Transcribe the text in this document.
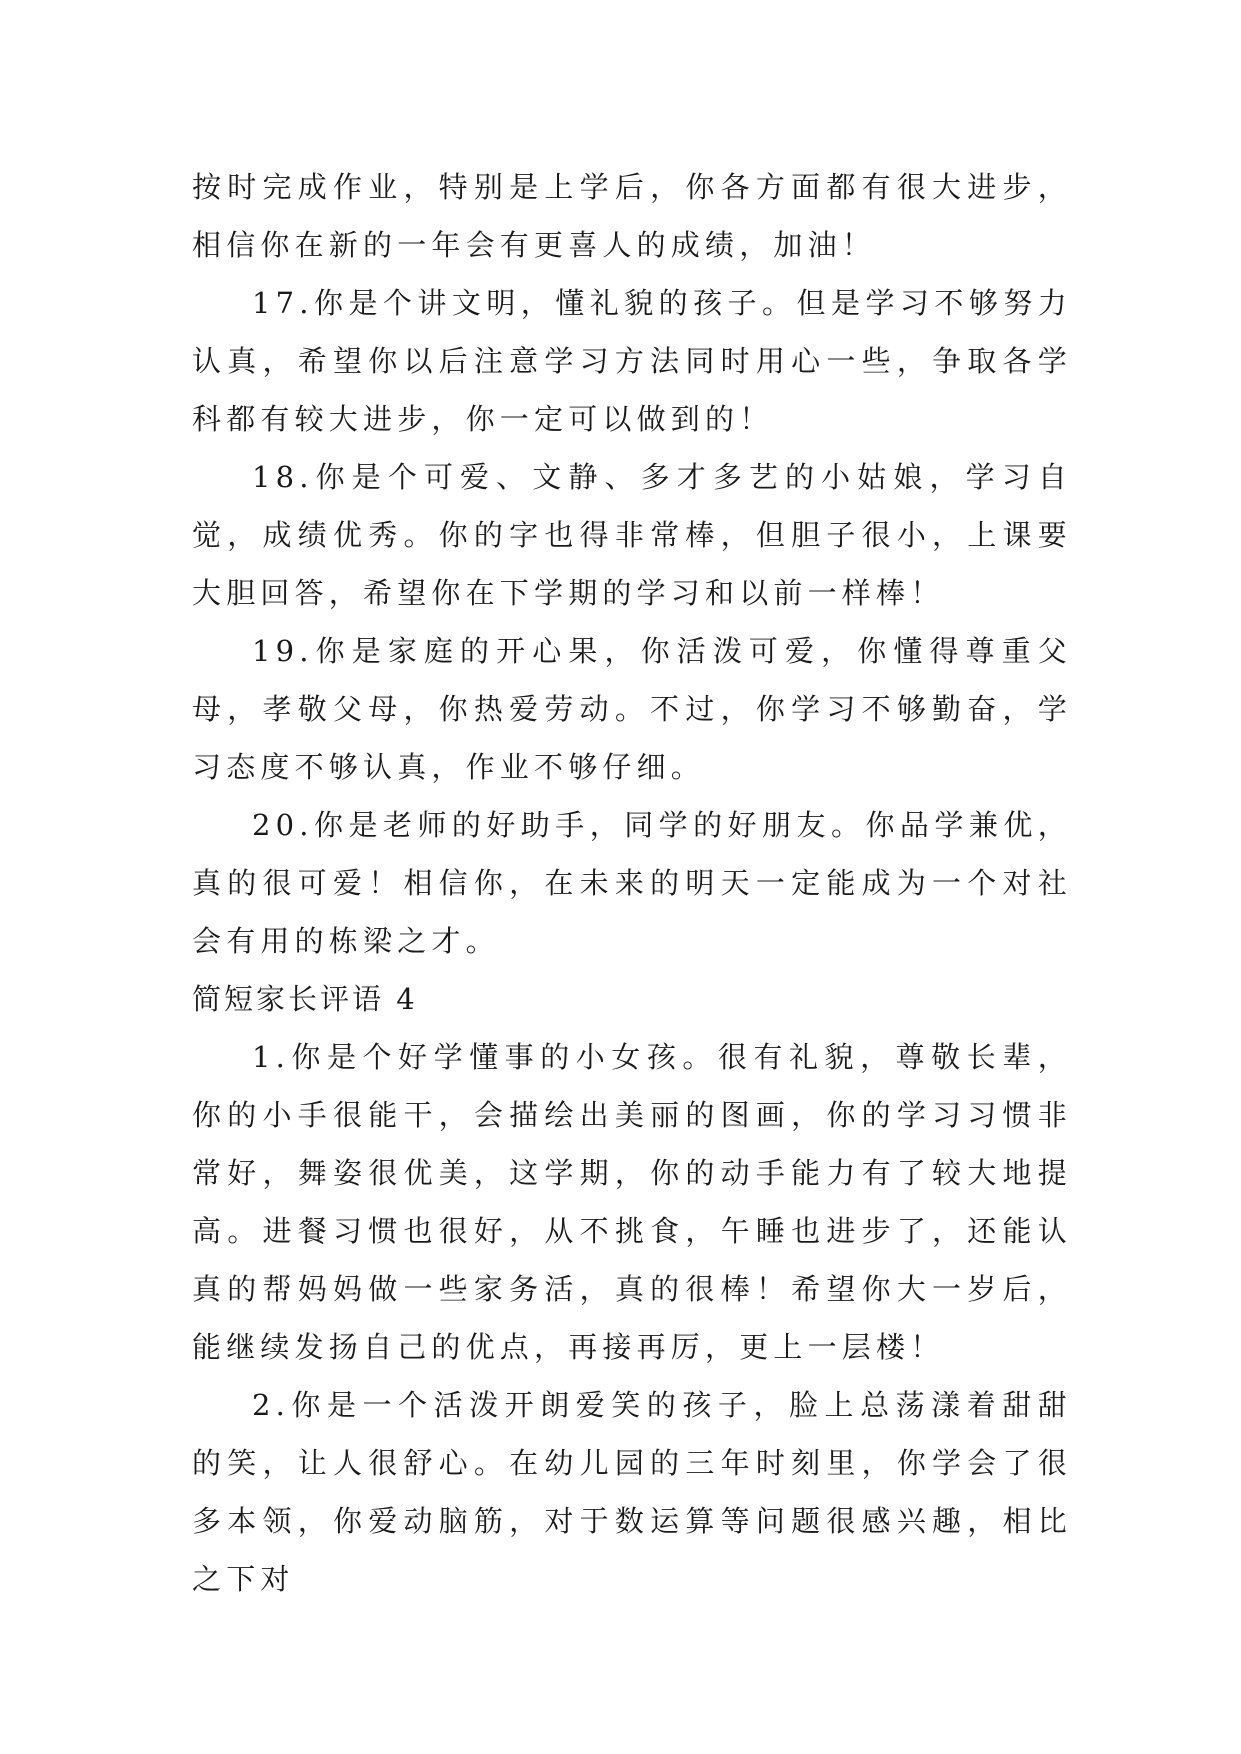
按时完成作业，特别是上学后，你各方面都有很大进步，相信你在新的一年会有更喜人的成绩，加油！

17.你是个讲文明，懂礼貌的孩子。但是学习不够努力认真，希望你以后注意学习方法同时用心一些，争取各学科都有较大进步，你一定可以做到的！

18.你是个可爱、文静、多才多艺的小姑娘，学习自觉，成绩优秀。你的字也得非常棒，但胆子很小，上课要大胆回答，希望你在下学期的学习和以前一样棒！

19.你是家庭的开心果，你活泼可爱，你懂得尊重父母，孝敬父母，你热爱劳动。不过，你学习不够勤奋，学习态度不够认真，作业不够仔细。

20.你是老师的好助手，同学的好朋友。你品学兼优，真的很可爱！相信你，在未来的明天一定能成为一个对社会有用的栋梁之才。

简短家长评语 4

1.你是个好学懂事的小女孩。很有礼貌，尊敬长辈，你的小手很能干，会描绘出美丽的图画，你的学习习惯非常好，舞姿很优美，这学期，你的动手能力有了较大地提高。进餐习惯也很好，从不挑食，午睡也进步了，还能认真的帮妈妈做一些家务活，真的很棒！希望你大一岁后，能继续发扬自己的优点，再接再厉，更上一层楼！

2.你是一个活泼开朗爱笑的孩子，脸上总荡漾着甜甜的笑，让人很舒心。在幼儿园的三年时刻里，你学会了很多本领，你爱动脑筋，对于数运算等问题很感兴趣，相比之下对
